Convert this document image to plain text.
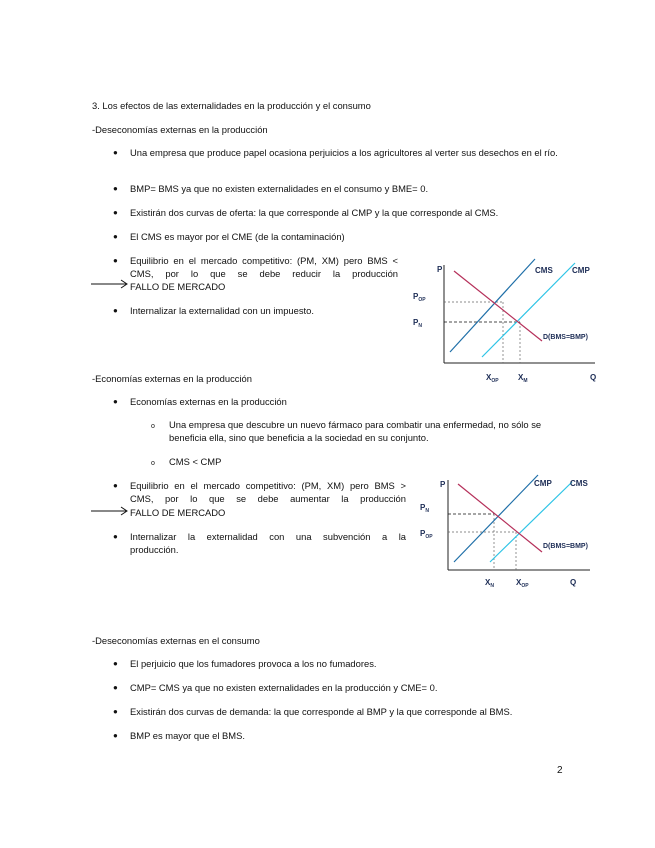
3. Los efectos de las externalidades en la producción y el consumo
-Deseconomías externas en la producción
● Una empresa que produce papel ocasiona perjuicios a los agricultores al verter sus desechos en el río.
● BMP= BMS ya que no existen externalidades en el consumo y BME= 0.
● Existirán dos curvas de oferta: la que corresponde al CMP y la que corresponde al CMS.
● El CMS es mayor por el CME (de la contaminación)
● Equilibrio en el mercado competitivo: (PM, XM) pero BMS <
CMS, por lo que se debe reducir la producción
FALLO DE MERCADO
● Internalizar la externalidad con un impuesto.
P
Q
CMS CMP
D(BMS=BMP)
$P_{OP}$
$P_N$
$X_{OP}$ $X_M$
-Economías externas en la producción
● Economías externas en la producción
o Una empresa que descubre un nuevo fármaco para combatir una enfermedad, no sólo se beneficia ella, sino que beneficia a la sociedad en su conjunto.
o CMS < CMP
● Equilibrio en el mercado competitivo: (PM, XM) pero BMS >
CMS, por lo que se debe aumentar la producción
FALLO DE MERCADO
● Internalizar la externalidad con una subvención a la
producción.
P
Q
CMP CMS
D(BMS=BMP)
$P_N$
$P_{OP}$
$X_N$	$X_{OP}$
-Deseconomías externas en el consumo
● El perjuicio que los fumadores provoca a los no fumadores.
● CMP= CMS ya que no existen externalidades en la producción y CME= 0.
● Existirán dos curvas de demanda: la que corresponde al BMP y la que corresponde al BMS.
● BMP es mayor que el BMS.
2
